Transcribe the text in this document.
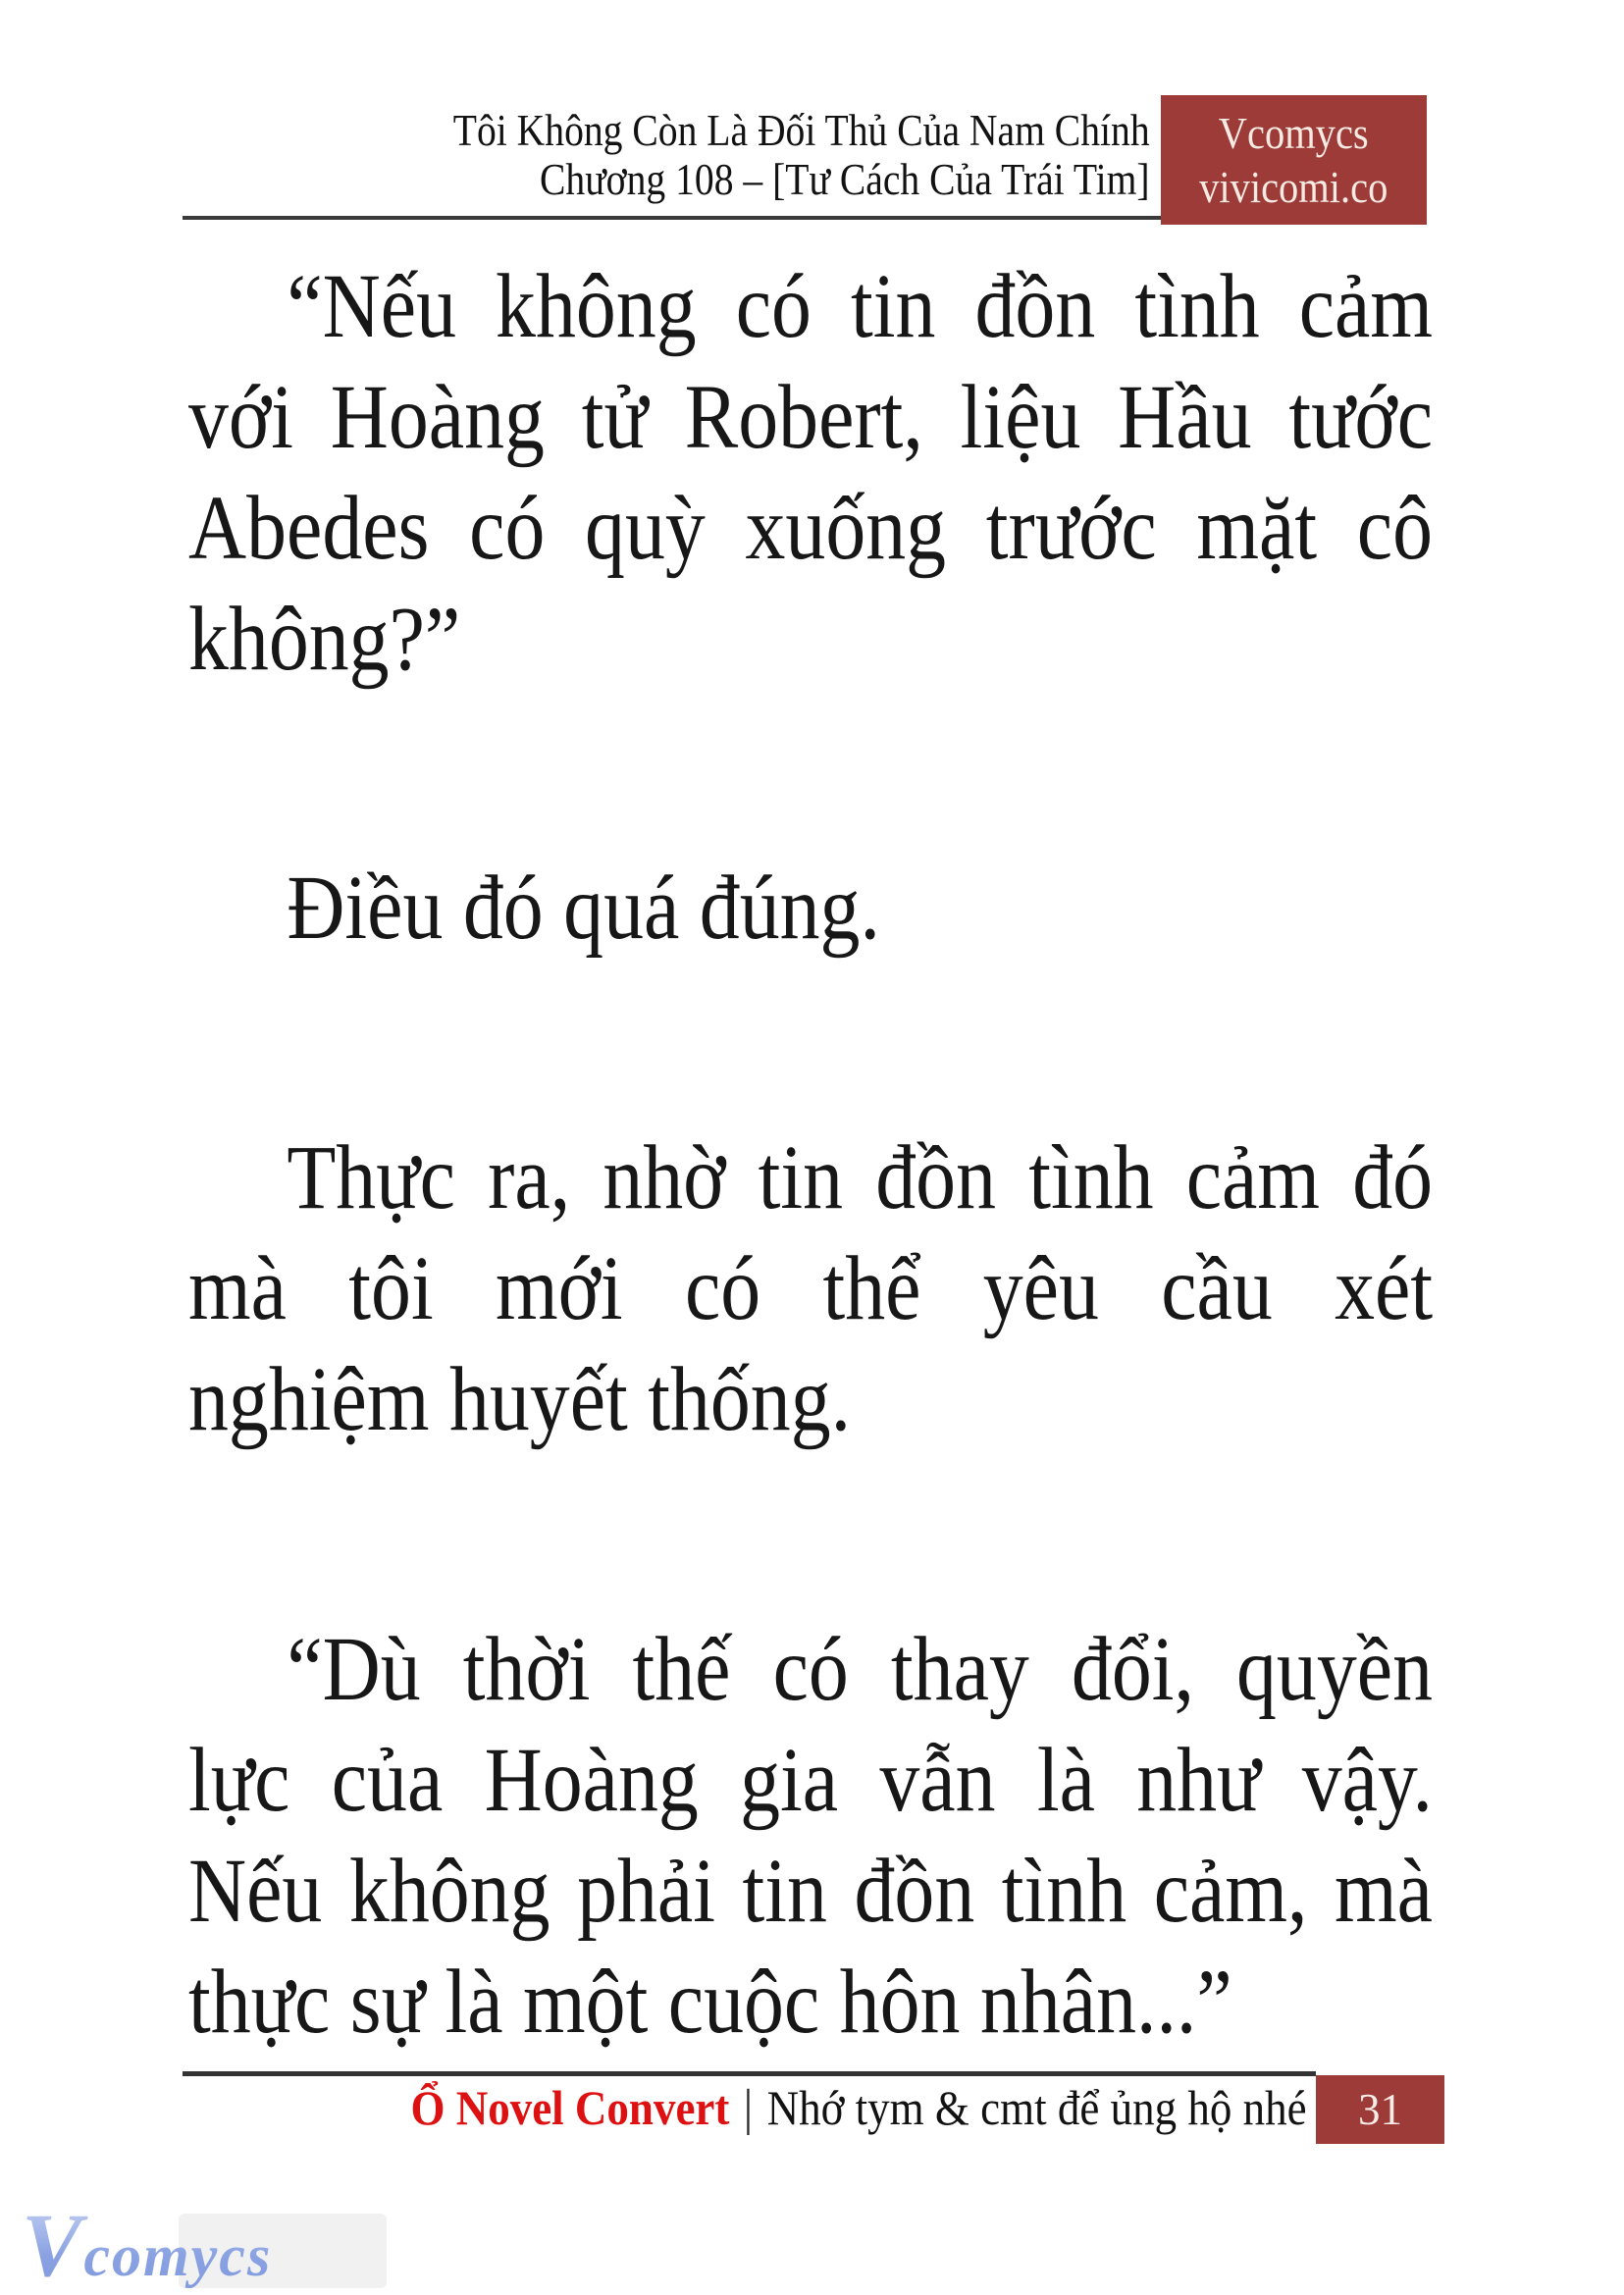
Tôi Không Còn Là Đối Thủ Của Nam Chính
Chương 108 – [Tư Cách Của Trái Tim]
Vcomycs
vivicomi.co
“Nếu không có tin đồn tình cảm
với Hoàng tử Robert, liệu Hầu tước
Abedes có quỳ xuống trước mặt cô
không?”
Điều đó quá đúng.
Thực ra, nhờ tin đồn tình cảm đó
mà tôi mới có thể yêu cầu xét
nghiệm huyết thống.
“Dù thời thế có thay đổi, quyền
lực của Hoàng gia vẫn là như vậy.
Nếu không phải tin đồn tình cảm, mà
thực sự là một cuộc hôn nhân...”
Ổ Novel Convert | Nhớ tym & cmt để ủng hộ nhé 31
Vcomycs
